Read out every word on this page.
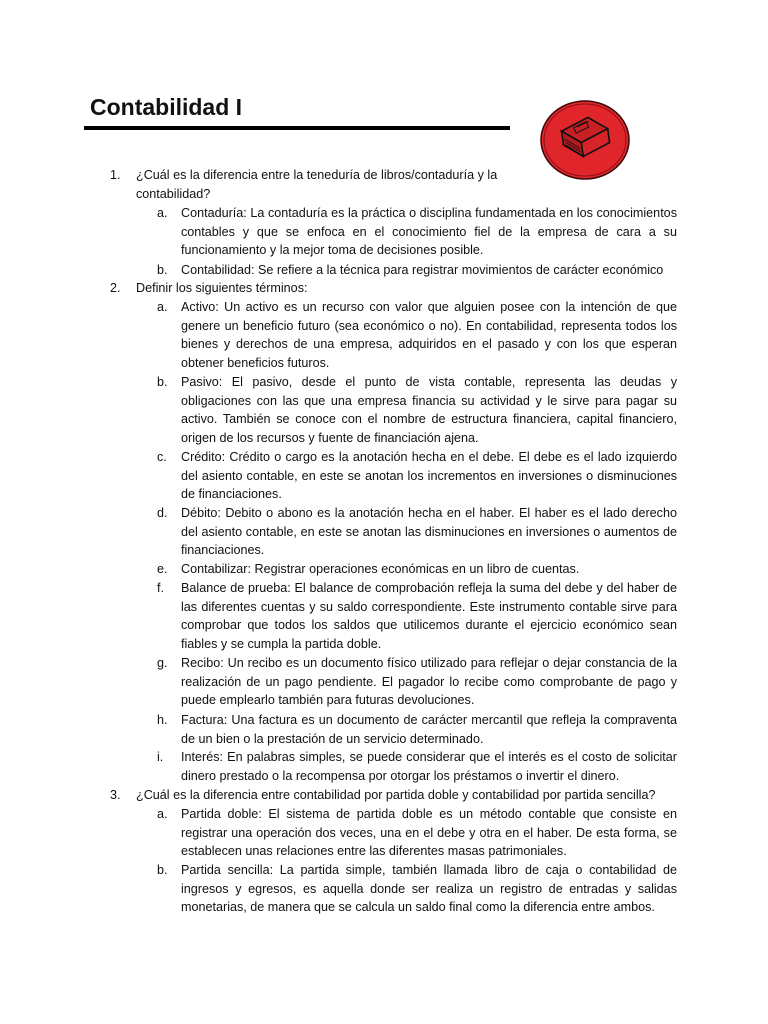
Contabilidad I
1. ¿Cuál es la diferencia entre la teneduría de libros/contaduría y la contabilidad?
a. Contaduría: La contaduría es la práctica o disciplina fundamentada en los conocimientos contables y que se enfoca en el conocimiento fiel de la empresa de cara a su funcionamiento y la mejor toma de decisiones posible.
b. Contabilidad: Se refiere a la técnica para registrar movimientos de carácter económico
2. Definir los siguientes términos:
a. Activo: Un activo es un recurso con valor que alguien posee con la intención de que genere un beneficio futuro (sea económico o no). En contabilidad, representa todos los bienes y derechos de una empresa, adquiridos en el pasado y con los que esperan obtener beneficios futuros.
b. Pasivo: El pasivo, desde el punto de vista contable, representa las deudas y obligaciones con las que una empresa financia su actividad y le sirve para pagar su activo. También se conoce con el nombre de estructura financiera, capital financiero, origen de los recursos y fuente de financiación ajena.
c. Crédito: Crédito o cargo es la anotación hecha en el debe. El debe es el lado izquierdo del asiento contable, en este se anotan los incrementos en inversiones o disminuciones de financiaciones.
d. Débito: Debito o abono es la anotación hecha en el haber. El haber es el lado derecho del asiento contable, en este se anotan las disminuciones en inversiones o aumentos de financiaciones.
e. Contabilizar: Registrar operaciones económicas en un libro de cuentas.
f. Balance de prueba: El balance de comprobación refleja la suma del debe y del haber de las diferentes cuentas y su saldo correspondiente. Este instrumento contable sirve para comprobar que todos los saldos que utilicemos durante el ejercicio económico sean fiables y se cumpla la partida doble.
g. Recibo: Un recibo es un documento físico utilizado para reflejar o dejar constancia de la realización de un pago pendiente. El pagador lo recibe como comprobante de pago y puede emplearlo también para futuras devoluciones.
h. Factura: Una factura es un documento de carácter mercantil que refleja la compraventa de un bien o la prestación de un servicio determinado.
i. Interés: En palabras simples, se puede considerar que el interés es el costo de solicitar dinero prestado o la recompensa por otorgar los préstamos o invertir el dinero.
3. ¿Cuál es la diferencia entre contabilidad por partida doble y contabilidad por partida sencilla?
a. Partida doble: El sistema de partida doble es un método contable que consiste en registrar una operación dos veces, una en el debe y otra en el haber. De esta forma, se establecen unas relaciones entre las diferentes masas patrimoniales.
b. Partida sencilla: La partida simple, también llamada libro de caja o contabilidad de ingresos y egresos, es aquella donde ser realiza un registro de entradas y salidas monetarias, de manera que se calcula un saldo final como la diferencia entre ambos.
